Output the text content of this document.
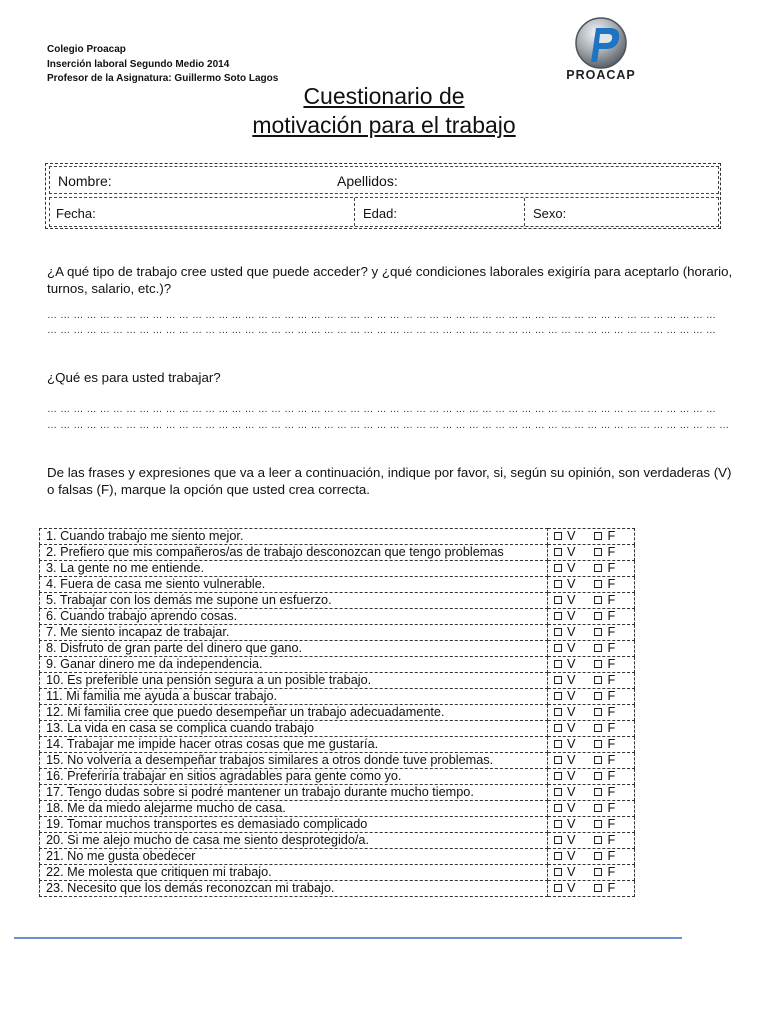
Colegio Proacap
Inserción laboral Segundo Medio 2014
Profesor de la Asignatura: Guillermo Soto Lagos	PROACAP
Cuestionario de
motivación para el trabajo
Nombre:	Apellidos:
Fecha:	Edad:	Sexo:
¿A qué tipo de trabajo cree usted que puede acceder? y ¿qué condiciones laborales exigiría para aceptarlo (horario, turnos, salario, etc.)?
… … … … … … … … … … … … … … … … … … … … … … … … … … … … … … … … … … … … … … … … … … … … … … … … … … …
… … … … … … … … … … … … … … … … … … … … … … … … … … … … … … … … … … … … … … … … … … … … … … … … … … …
¿Qué es para usted trabajar?
… … … … … … … … … … … … … … … … … … … … … … … … … … … … … … … … … … … … … … … … … … … … … … … … … … …
… … … … … … … … … … … … … … … … … … … … … … … … … … … … … … … … … … … … … … … … … … … … … … … … … … … …
De las frases y expresiones que va a leer a continuación, indique por favor, si, según su opinión, son verdaderas (V) o falsas (F), marque la opción que usted crea correcta.
1. Cuando trabajo me siento mejor.	V F
2. Prefiero que mis compañeros/as de trabajo desconozcan que tengo problemas	V F
3. La gente no me entiende.	V F
4. Fuera de casa me siento vulnerable.	V F
5. Trabajar con los demás me supone un esfuerzo.	V F
6. Cuando trabajo aprendo cosas.	V F
7. Me siento incapaz de trabajar.	V F
8. Disfruto de gran parte del dinero que gano.	V F
9. Ganar dinero me da independencia.	V F
10. Es preferible una pensión segura a un posible trabajo.	V F
11. Mi familia me ayuda a buscar trabajo.	V F
12. Mi familia cree que puedo desempeñar un trabajo adecuadamente.	V F
13. La vida en casa se complica cuando trabajo	V F
14. Trabajar me impide hacer otras cosas que me gustaría.	V F
15. No volvería a desempeñar trabajos similares a otros donde tuve problemas.	V F
16. Preferiría trabajar en sitios agradables para gente como yo.	V F
17. Tengo dudas sobre si podré mantener un trabajo durante mucho tiempo.	V F
18. Me da miedo alejarme mucho de casa.	V F
19. Tomar muchos transportes es demasiado complicado	V F
20. Si me alejo mucho de casa me siento desprotegido/a.	V F
21. No me gusta obedecer	V F
22. Me molesta que critiquen mi trabajo.	V F
23. Necesito que los demás reconozcan mi trabajo.	V F
